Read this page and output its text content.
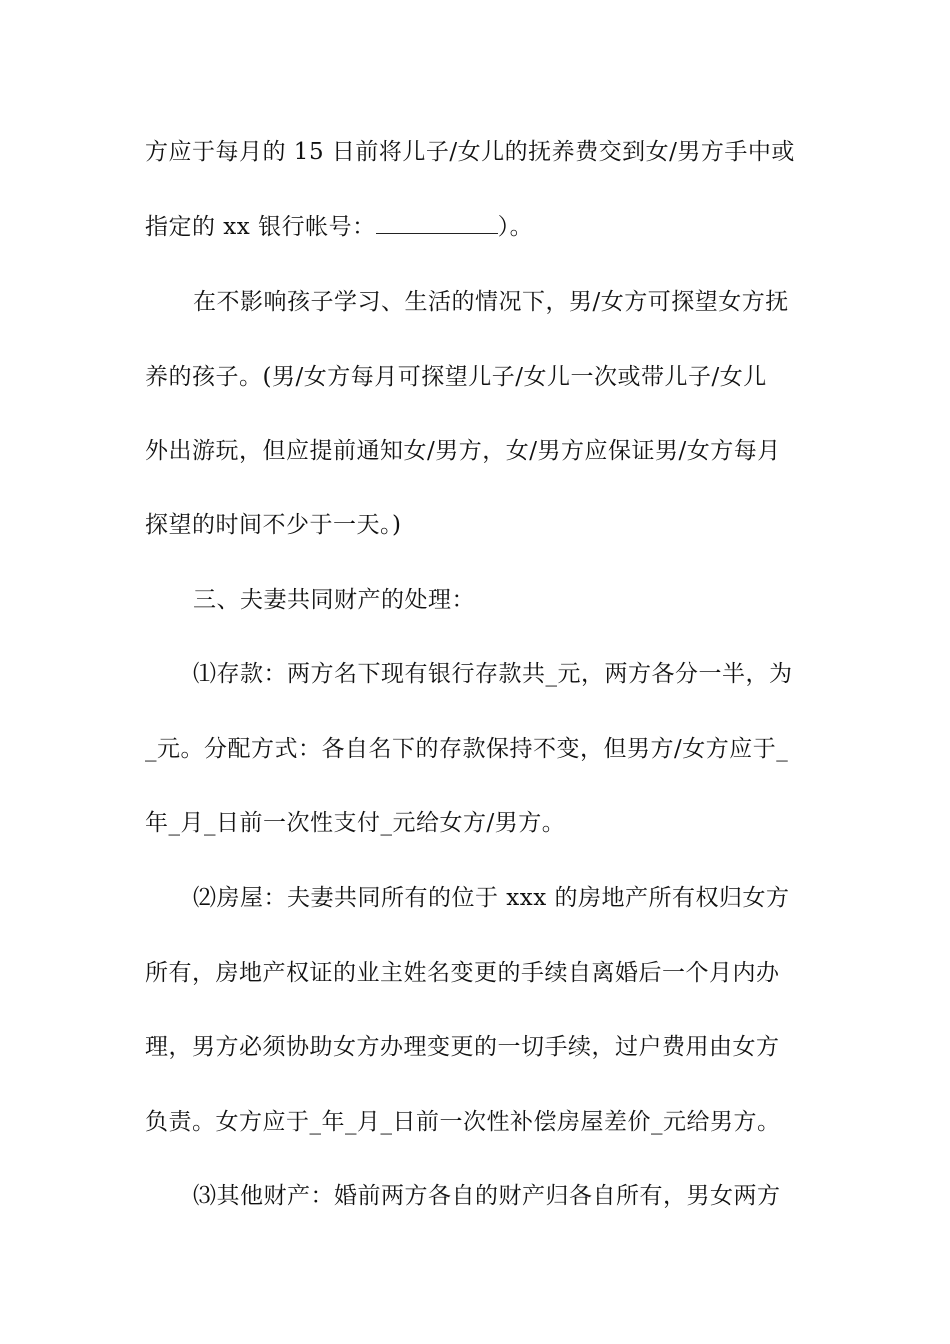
方应于每月的 15 日前将儿子/女儿的抚养费交到女/男方手中或
指定的 xx 银行帐号：	）。
在不影响孩子学习、生活的情况下，男/女方可探望女方抚
养的孩子。(男/女方每月可探望儿子/女儿一次或带儿子/女儿
外出游玩，但应提前通知女/男方，女/男方应保证男/女方每月
探望的时间不少于一天。)
三、夫妻共同财产的处理：
⑴存款：两方名下现有银行存款共_元，两方各分一半，为
_元。分配方式：各自名下的存款保持不变，但男方/女方应于_
年_月_日前一次性支付_元给女方/男方。
⑵房屋：夫妻共同所有的位于 xxx 的房地产所有权归女方
所有，房地产权证的业主姓名变更的手续自离婚后一个月内办
理，男方必须协助女方办理变更的一切手续，过户费用由女方
负责。女方应于_年_月_日前一次性补偿房屋差价_元给男方。
⑶其他财产：婚前两方各自的财产归各自所有，男女两方
